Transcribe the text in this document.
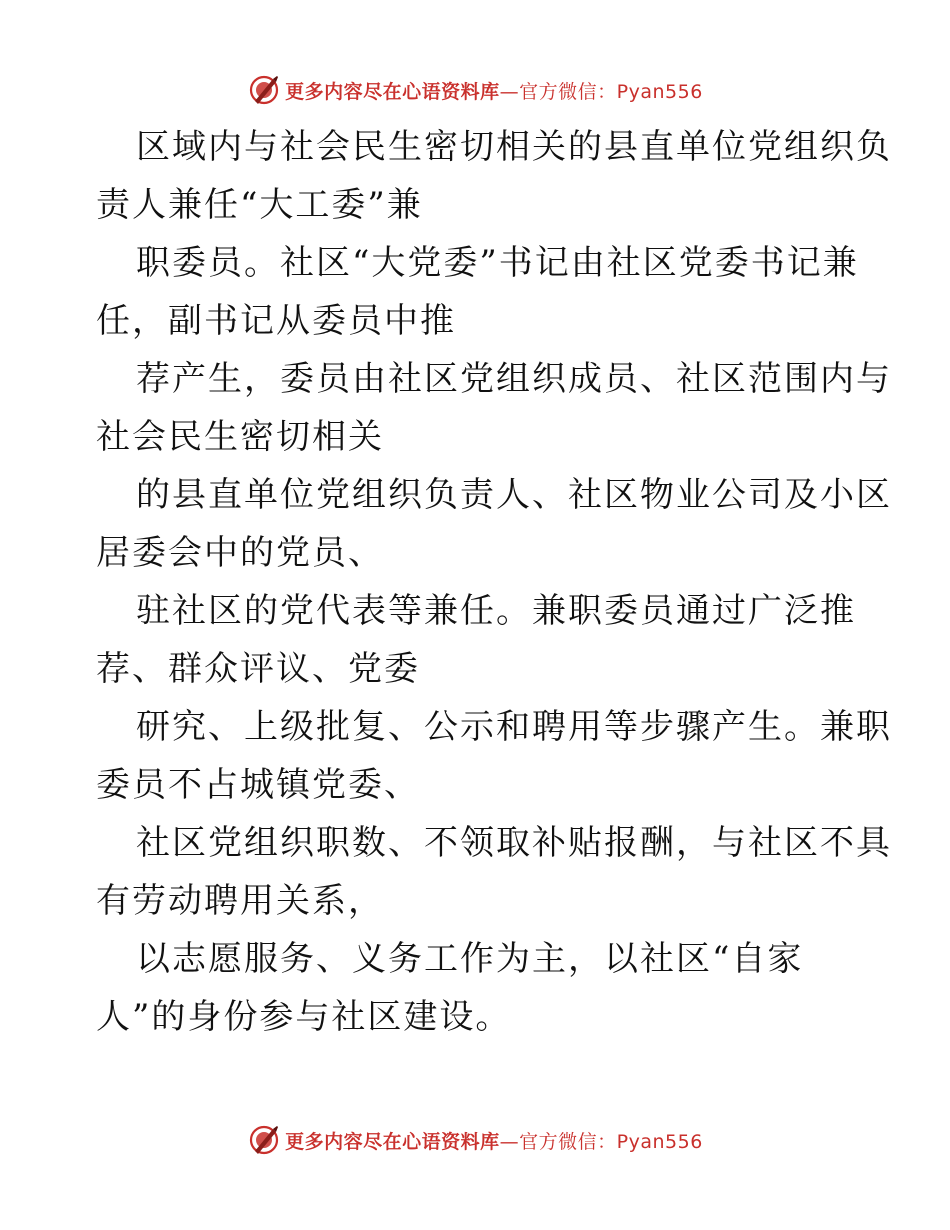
更多内容尽在心语资料库—官方微信：Pyan556
区域内与社会民生密切相关的县直单位党组织负
责人兼任“大工委”兼
职委员。社区“大党委”书记由社区党委书记兼
任，副书记从委员中推
荐产生，委员由社区党组织成员、社区范围内与
社会民生密切相关
的县直单位党组织负责人、社区物业公司及小区
居委会中的党员、
驻社区的党代表等兼任。兼职委员通过广泛推
荐、群众评议、党委
研究、上级批复、公示和聘用等步骤产生。兼职
委员不占城镇党委、
社区党组织职数、不领取补贴报酬，与社区不具
有劳动聘用关系，
以志愿服务、义务工作为主，以社区“自家
人”的身份参与社区建设。
更多内容尽在心语资料库—官方微信：Pyan556
